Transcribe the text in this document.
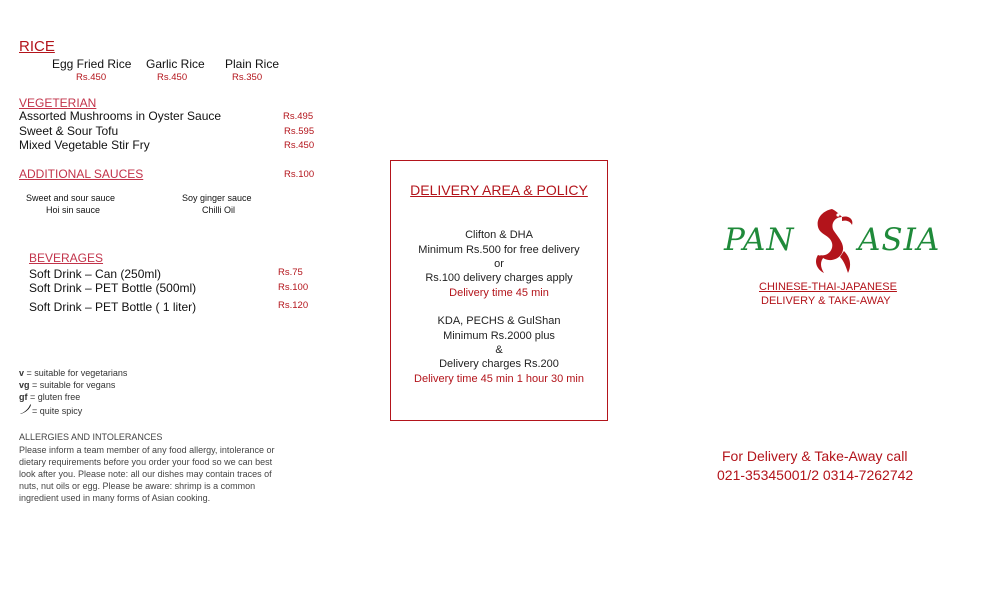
RICE
Egg Fried Rice
Rs.450
Garlic Rice
Rs.450
Plain Rice
Rs.350
VEGETERIAN
Assorted Mushrooms in Oyster Sauce	Rs.495
Sweet & Sour Tofu	Rs.595
Mixed Vegetable Stir Fry	Rs.450
ADDITIONAL SAUCES	Rs.100
Sweet and sour sauce	Soy ginger sauce
Hoi sin sauce	Chilli Oil
BEVERAGES
Soft Drink – Can (250ml)	Rs.75
Soft Drink – PET Bottle (500ml)	Rs.100
Soft Drink – PET Bottle ( 1 liter)	Rs.120
v = suitable for vegetarians
vg = suitable for vegans
gf = gluten free
= quite spicy
ALLERGIES AND INTOLERANCES
Please inform a team member of any food allergy, intolerance or
dietary requirements before you order your food so we can best
look after you. Please note: all our dishes may contain traces of
nuts, nut oils or egg. Please be aware: shrimp is a common
ingredient used in many forms of Asian cooking.
DELIVERY AREA & POLICY
Clifton & DHA
Minimum Rs.500 for free delivery
or
Rs.100 delivery charges apply
Delivery time 45 min
KDA, PECHS & GulShan
Minimum Rs.2000 plus
&
Delivery charges Rs.200
Delivery time 45 min 1 hour 30 min
PAN ASIA
CHINESE-THAI-JAPANESE
DELIVERY & TAKE-AWAY
For Delivery & Take-Away call
021-35345001/2 0314-7262742
